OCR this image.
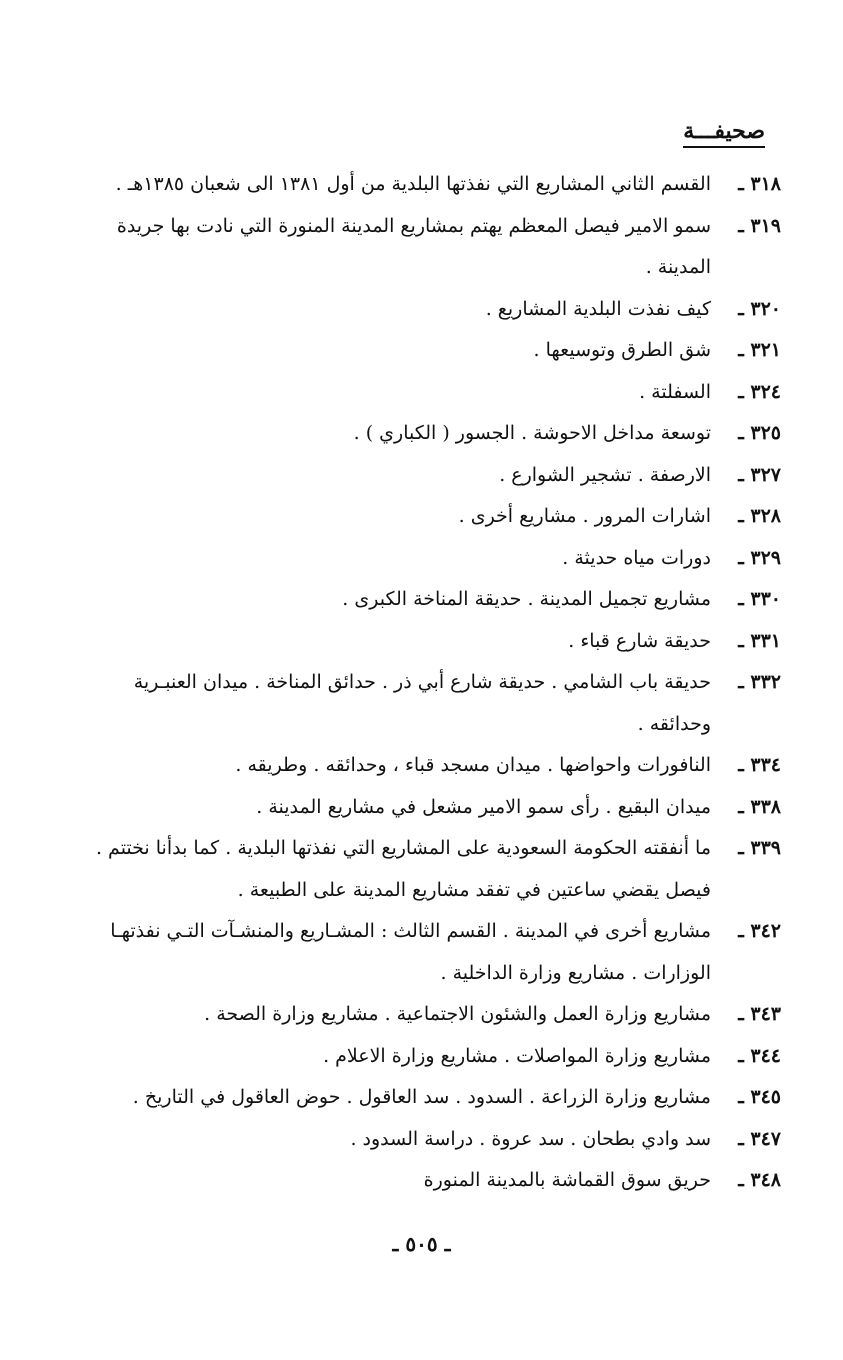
صحيفـــة
٣١٨ ـ
القسم الثاني المشاريع التي نفذتها البلدية من أول ١٣٨١ الى شعبان ١٣٨٥هـ .
٣١٩ ـ
سمو الامير فيصل المعظم يهتم بمشاريع المدينة المنورة التي نادت بها جريدة المدينة .
٣٢٠ ـ
كيف نفذت البلدية المشاريع .
٣٢١ ـ
شق الطرق وتوسيعها .
٣٢٤ ـ
السفلتة .
٣٢٥ ـ
توسعة مداخل الاحوشة . الجسور ( الكباري ) .
٣٢٧ ـ
الارصفة . تشجير الشوارع .
٣٢٨ ـ
اشارات المرور . مشاريع أخرى .
٣٢٩ ـ
دورات مياه حديثة .
٣٣٠ ـ
مشاريع تجميل المدينة . حديقة المناخة الكبرى .
٣٣١ ـ
حديقة شارع قباء .
٣٣٢ ـ
حديقة باب الشامي . حديقة شارع أبي ذر . حدائق المناخة . ميدان العنبـرية وحدائقه .
٣٣٤ ـ
النافورات واحواضها . ميدان مسجد قباء ، وحدائقه . وطريقه .
٣٣٨ ـ
ميدان البقيع . رأى سمو الامير مشعل في مشاريع المدينة .
٣٣٩ ـ
ما أنفقته الحكومة السعودية على المشاريع التي نفذتها البلدية . كما بدأنا نختتم . فيصل يقضي ساعتين في تفقد مشاريع المدينة على الطبيعة .
٣٤٢ ـ
مشاريع أخرى في المدينة . القسم الثالث : المشـاريع والمنشـآت التـي نفذتهـا الوزارات . مشاريع وزارة الداخلية .
٣٤٣ ـ
مشاريع وزارة العمل والشئون الاجتماعية . مشاريع وزارة الصحة .
٣٤٤ ـ
مشاريع وزارة المواصلات . مشاريع وزارة الاعلام .
٣٤٥ ـ
مشاريع وزارة الزراعة . السدود . سد العاقول . حوض العاقول في التاريخ .
٣٤٧ ـ
سد وادي بطحان . سد عروة . دراسة السدود .
٣٤٨ ـ
حريق سوق القماشة بالمدينة المنورة
ـ ٥٠٥ ـ
